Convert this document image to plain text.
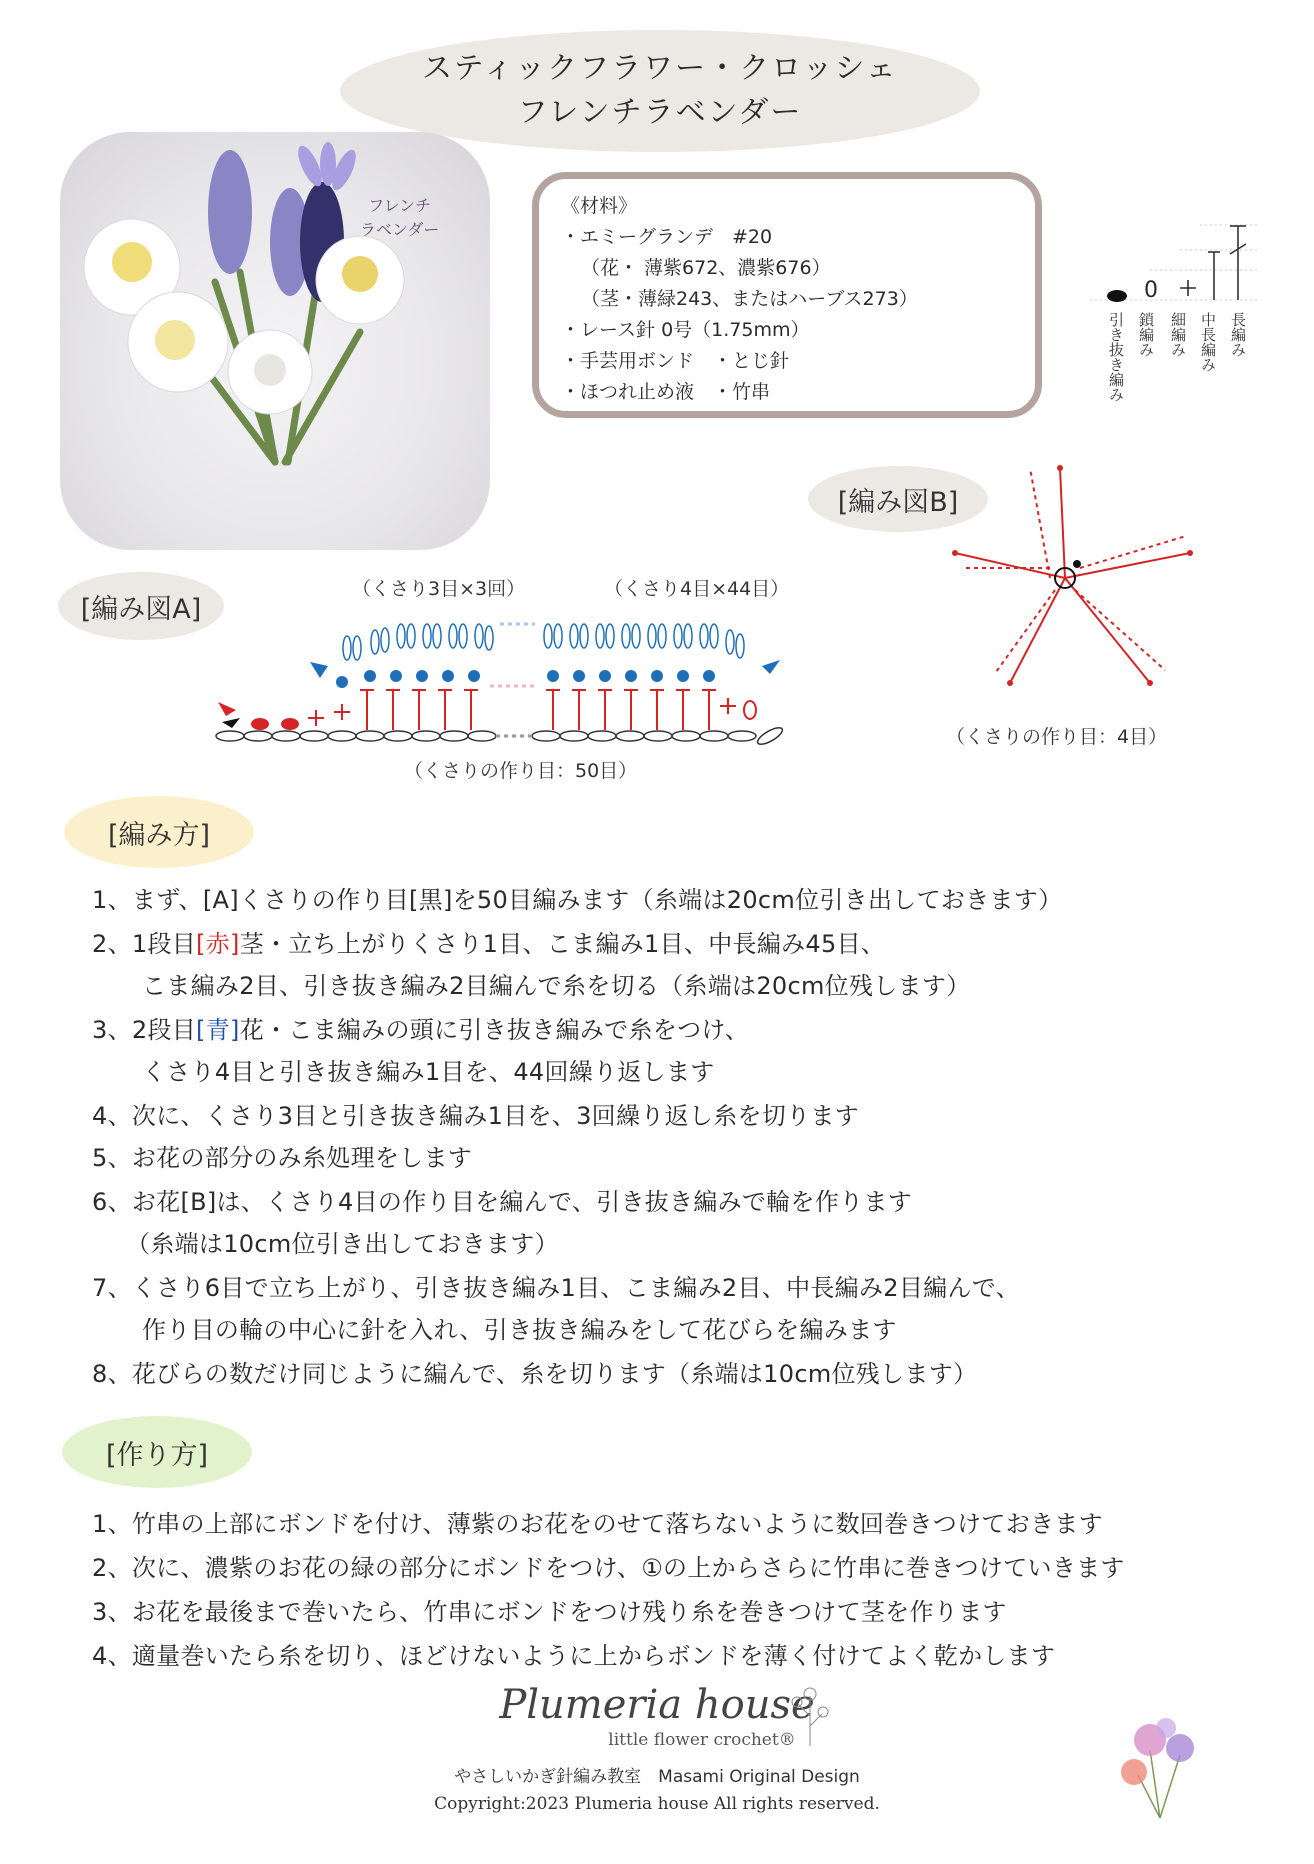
スティックフラワー・クロッシェ
フレンチラベンダー
フレンチ
ラベンダー
《材料》
・エミーグランデ　#20
（花・ 薄紫672、濃紫676）
（茎・薄緑243、またはハーブス273）
・レース針 0号（1.75mm）
・手芸用ボンド　・とじ針
・ほつれ止め液　・竹串
0
引き抜き編み 鎖編み 細編み 中長編み 長編み
[編み図B]
（くさりの作り目：4目）
[編み図A]
（くさり3目×3回）	（くさり4目×44目）
（くさりの作り目：50目）
[編み方]
1、まず、[A]くさりの作り目[黒]を50目編みます（糸端は20cm位引き出しておきます）
2、1段目[赤]茎・立ち上がりくさり1目、こま編み1目、中長編み45目、
こま編み2目、引き抜き編み2目編んで糸を切る（糸端は20cm位残します）
3、2段目[青]花・こま編みの頭に引き抜き編みで糸をつけ、
くさり4目と引き抜き編み1目を、44回繰り返します
4、次に、くさり3目と引き抜き編み1目を、3回繰り返し糸を切ります
5、お花の部分のみ糸処理をします
6、お花[B]は、くさり4目の作り目を編んで、引き抜き編みで輪を作ります
（糸端は10cm位引き出しておきます）
7、くさり6目で立ち上がり、引き抜き編み1目、こま編み2目、中長編み2目編んで、
作り目の輪の中心に針を入れ、引き抜き編みをして花びらを編みます
8、花びらの数だけ同じように編んで、糸を切ります（糸端は10cm位残します）
[作り方]
1、竹串の上部にボンドを付け、薄紫のお花をのせて落ちないように数回巻きつけておきます
2、次に、濃紫のお花の緑の部分にボンドをつけ、①の上からさらに竹串に巻きつけていきます
3、お花を最後まで巻いたら、竹串にボンドをつけ残り糸を巻きつけて茎を作ります
4、適量巻いたら糸を切り、ほどけないように上からボンドを薄く付けてよく乾かします
Plumeria house
little flower crochet®
やさしいかぎ針編み教室　Masami Original Design
Copyright:2023 Plumeria house All rights reserved.
